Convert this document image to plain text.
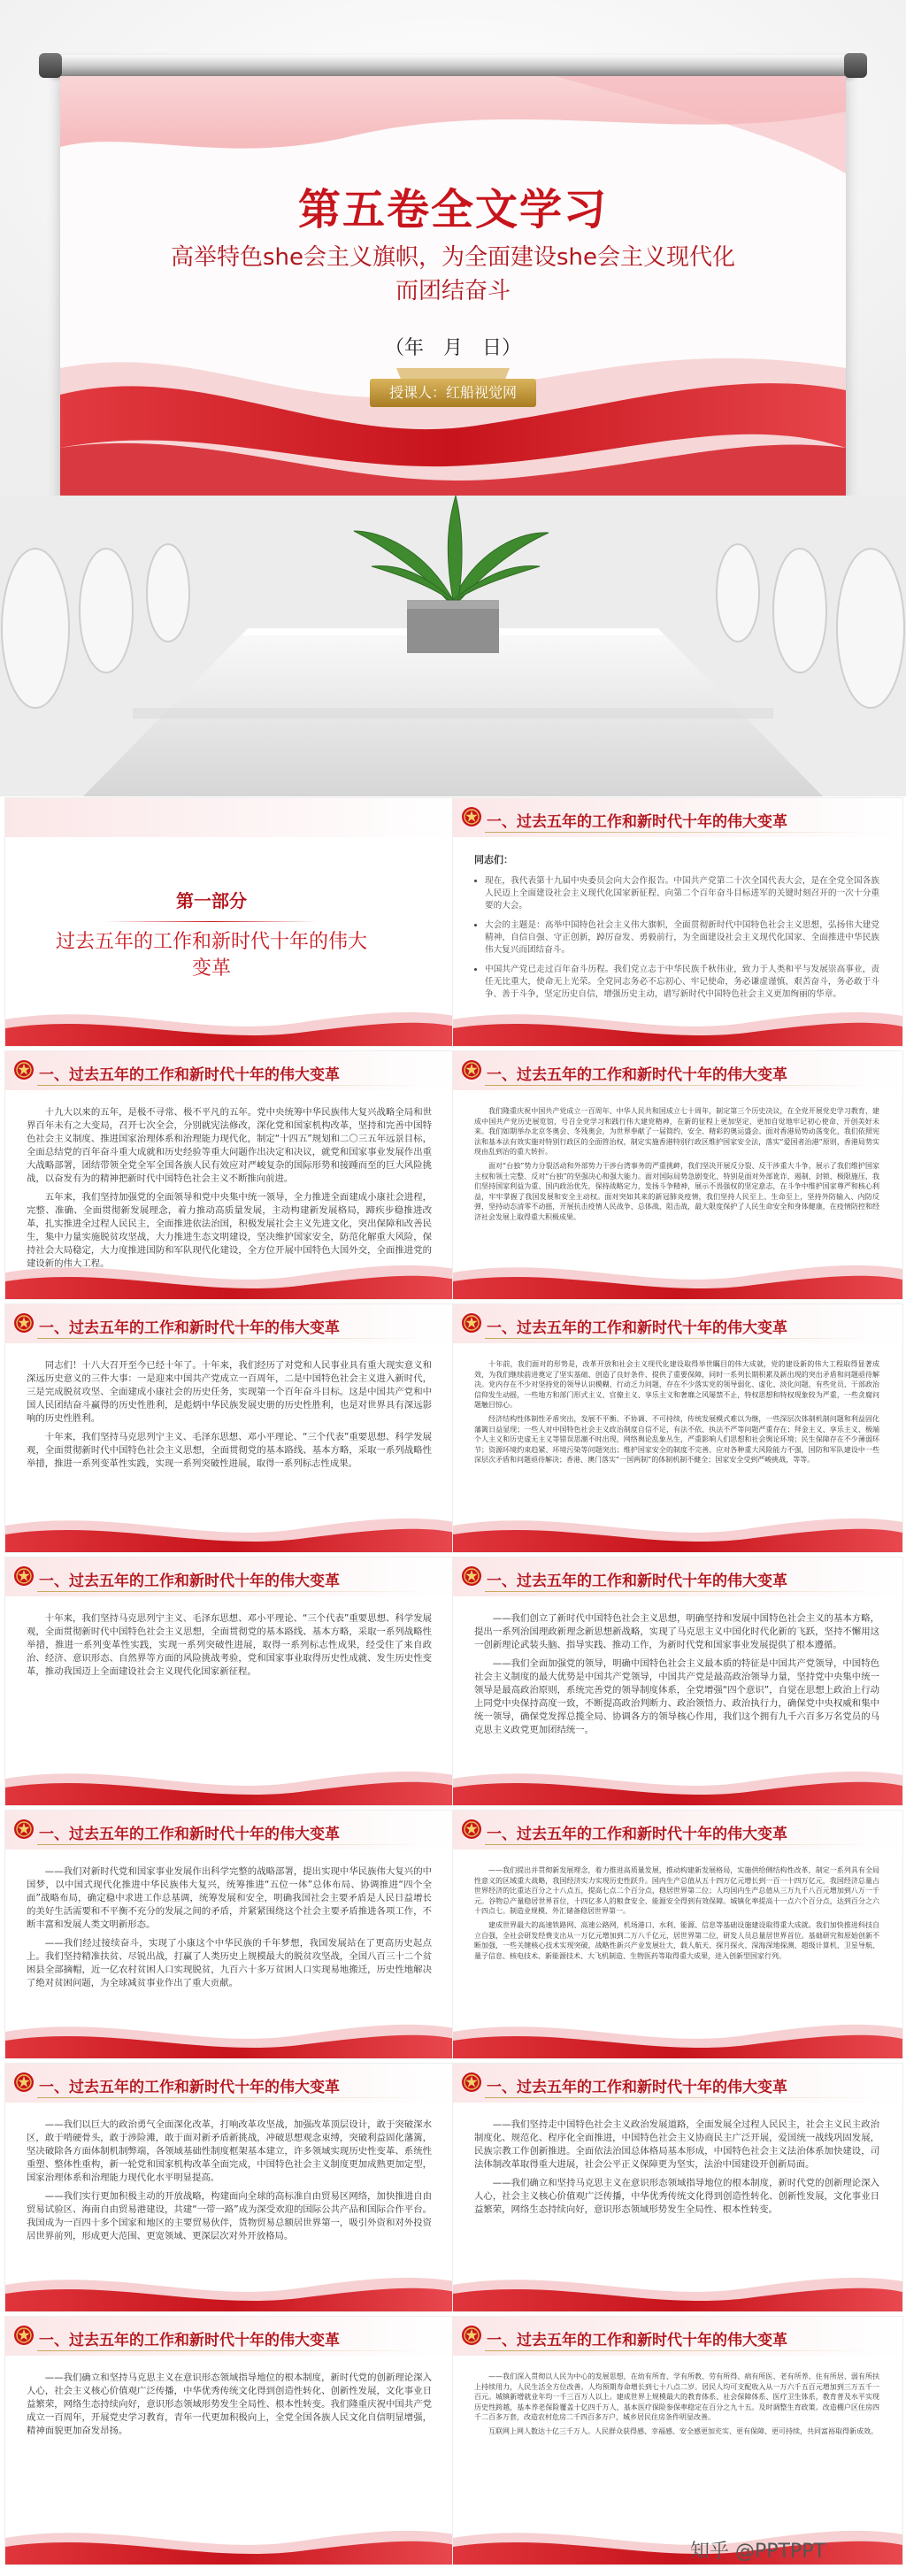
第五卷全文学习
高举特色she会主义旗帜，为全面建设she会主义现代化而团结奋斗
（年　月　日）
授课人：红船视觉网
第一部分
过去五年的工作和新时代十年的伟大变革
一、过去五年的工作和新时代十年的伟大变革
同志们：
• 现在，我代表第十九届中央委员会向大会作报告。中国共产党第二十次全国代表大会，是在全党全国各族人民迈上全面建设社会主义现代化国家新征程、向第二个百年奋斗目标进军的关键时刻召开的一次十分重要的大会。
• 大会的主题是：高举中国特色社会主义伟大旗帜，全面贯彻新时代中国特色社会主义思想，弘扬伟大建党精神，自信自强、守正创新，踔厉奋发、勇毅前行，为全面建设社会主义现代化国家、全面推进中华民族伟大复兴而团结奋斗。
• 中国共产党已走过百年奋斗历程。我们党立志于中华民族千秋伟业，致力于人类和平与发展崇高事业，责任无比重大，使命无上光荣。全党同志务必不忘初心、牢记使命，务必谦虚谨慎、艰苦奋斗，务必敢于斗争、善于斗争，坚定历史自信，增强历史主动，谱写新时代中国特色社会主义更加绚丽的华章。
一、过去五年的工作和新时代十年的伟大变革

十九大以来的五年，是极不寻常、极不平凡的五年。党中央统筹中华民族伟大复兴战略全局和世界百年未有之大变局，召开七次全会，分别就宪法修改，深化党和国家机构改革，坚持和完善中国特色社会主义制度、推进国家治理体系和治理能力现代化，制定“十四五”规划和二〇三五年远景目标，全面总结党的百年奋斗重大成就和历史经验等重大问题作出决定和决议，就党和国家事业发展作出重大战略部署，团结带领全党全军全国各族人民有效应对严峻复杂的国际形势和接踵而至的巨大风险挑战，以奋发有为的精神把新时代中国特色社会主义不断推向前进。

五年来，我们坚持加强党的全面领导和党中央集中统一领导，全力推进全面建成小康社会进程，完整、准确、全面贯彻新发展理念，着力推动高质量发展，主动构建新发展格局，蹄疾步稳推进改革，扎实推进全过程人民民主，全面推进依法治国，积极发展社会主义先进文化，突出保障和改善民生，集中力量实施脱贫攻坚战，大力推进生态文明建设，坚决维护国家安全，防范化解重大风险，保持社会大局稳定，大力度推进国防和军队现代化建设，全方位开展中国特色大国外交，全面推进党的建设新的伟大工程。

一、过去五年的工作和新时代十年的伟大变革

我们隆重庆祝中国共产党成立一百周年、中华人民共和国成立七十周年，制定第三个历史决议，在全党开展党史学习教育，建成中国共产党历史展览馆，号召全党学习和践行伟大建党精神，在新的征程上更加坚定、更加自觉地牢记初心使命、开创美好未来。我们如期举办北京冬奥会、冬残奥会，为世界奉献了一届简约、安全、精彩的奥运盛会。面对香港局势动荡变化，我们依照宪法和基本法有效实施对特别行政区的全面管治权，制定实施香港特别行政区维护国家安全法，落实“爱国者治港”原则，香港局势实现由乱到治的重大转折。

面对“台独”势力分裂活动和外部势力干涉台湾事务的严重挑衅，我们坚决开展反分裂、反干涉重大斗争，展示了我们维护国家主权和领土完整、反对“台独”的坚强决心和强大能力。面对国际局势急剧变化，特别是面对外部讹诈、遏制、封锁、极限施压，我们坚持国家利益为重、国内政治优先，保持战略定力，发扬斗争精神，展示不畏强权的坚定意志，在斗争中维护国家尊严和核心利益，牢牢掌握了我国发展和安全主动权。面对突如其来的新冠肺炎疫情，我们坚持人民至上、生命至上，坚持外防输入、内防反弹，坚持动态清零不动摇，开展抗击疫情人民战争、总体战、阻击战，最大限度保护了人民生命安全和身体健康，在疫情防控和经济社会发展上取得重大积极成果。

一、过去五年的工作和新时代十年的伟大变革

同志们！十八大召开至今已经十年了。十年来，我们经历了对党和人民事业具有重大现实意义和深远历史意义的三件大事：一是迎来中国共产党成立一百周年，二是中国特色社会主义进入新时代，三是完成脱贫攻坚、全面建成小康社会的历史任务，实现第一个百年奋斗目标。这是中国共产党和中国人民团结奋斗赢得的历史性胜利，是彪炳中华民族发展史册的历史性胜利，也是对世界具有深远影响的历史性胜利。

十年来，我们坚持马克思列宁主义、毛泽东思想、邓小平理论、“三个代表”重要思想、科学发展观，全面贯彻新时代中国特色社会主义思想，全面贯彻党的基本路线、基本方略，采取一系列战略性举措，推进一系列变革性实践，实现一系列突破性进展，取得一系列标志性成果。

一、过去五年的工作和新时代十年的伟大变革

十年前，我们面对的形势是，改革开放和社会主义现代化建设取得举世瞩目的伟大成就，党的建设新的伟大工程取得显著成效，为我们继续前进奠定了坚实基础、创造了良好条件、提供了重要保障，同时一系列长期积累及新出现的突出矛盾和问题亟待解决。党内存在不少对坚持党的领导认识模糊、行动乏力问题，存在不少落实党的领导弱化、虚化、淡化问题，有些党员、干部政治信仰发生动摇，一些地方和部门形式主义、官僚主义、享乐主义和奢靡之风屡禁不止，特权思想和特权现象较为严重，一些贪腐问题触目惊心。

经济结构性体制性矛盾突出，发展不平衡、不协调、不可持续，传统发展模式难以为继，一些深层次体制机制问题和利益固化藩篱日益显现；一些人对中国特色社会主义政治制度自信不足，有法不依、执法不严等问题严重存在；拜金主义、享乐主义、极端个人主义和历史虚无主义等错误思潮不时出现，网络舆论乱象丛生，严重影响人们思想和社会舆论环境；民生保障存在不少薄弱环节；资源环境约束趋紧、环境污染等问题突出；维护国家安全的制度不完善、应对各种重大风险能力不强，国防和军队建设中一些深层次矛盾和问题亟待解决；香港、澳门落实“一国两制”的体制机制不健全；国家安全受到严峻挑战，等等。

一、过去五年的工作和新时代十年的伟大变革

十年来，我们坚持马克思列宁主义、毛泽东思想、邓小平理论、“三个代表”重要思想、科学发展观，全面贯彻新时代中国特色社会主义思想，全面贯彻党的基本路线、基本方略，采取一系列战略性举措，推进一系列变革性实践，实现一系列突破性进展，取得一系列标志性成果，经受住了来自政治、经济、意识形态、自然界等方面的风险挑战考验，党和国家事业取得历史性成就、发生历史性变革，推动我国迈上全面建设社会主义现代化国家新征程。

一、过去五年的工作和新时代十年的伟大变革

——我们创立了新时代中国特色社会主义思想，明确坚持和发展中国特色社会主义的基本方略，提出一系列治国理政新理念新思想新战略，实现了马克思主义中国化时代化新的飞跃，坚持不懈用这一创新理论武装头脑、指导实践、推动工作，为新时代党和国家事业发展提供了根本遵循。

——我们全面加强党的领导，明确中国特色社会主义最本质的特征是中国共产党领导，中国特色社会主义制度的最大优势是中国共产党领导，中国共产党是最高政治领导力量，坚持党中央集中统一领导是最高政治原则，系统完善党的领导制度体系，全党增强“四个意识”，自觉在思想上政治上行动上同党中央保持高度一致，不断提高政治判断力、政治领悟力、政治执行力，确保党中央权威和集中统一领导，确保党发挥总揽全局、协调各方的领导核心作用，我们这个拥有九千六百多万名党员的马克思主义政党更加团结统一。

一、过去五年的工作和新时代十年的伟大变革

——我们对新时代党和国家事业发展作出科学完整的战略部署，提出实现中华民族伟大复兴的中国梦，以中国式现代化推进中华民族伟大复兴，统筹推进“五位一体”总体布局、协调推进“四个全面”战略布局，确定稳中求进工作总基调，统筹发展和安全，明确我国社会主要矛盾是人民日益增长的美好生活需要和不平衡不充分的发展之间的矛盾，并紧紧围绕这个社会主要矛盾推进各项工作，不断丰富和发展人类文明新形态。

——我们经过接续奋斗，实现了小康这个中华民族的千年梦想，我国发展站在了更高历史起点上。我们坚持精准扶贫、尽锐出战，打赢了人类历史上规模最大的脱贫攻坚战，全国八百三十二个贫困县全部摘帽，近一亿农村贫困人口实现脱贫，九百六十多万贫困人口实现易地搬迁，历史性地解决了绝对贫困问题，为全球减贫事业作出了重大贡献。

一、过去五年的工作和新时代十年的伟大变革

——我们提出并贯彻新发展理念，着力推进高质量发展，推动构建新发展格局，实施供给侧结构性改革，制定一系列具有全局性意义的区域重大战略，我国经济实力实现历史性跃升。国内生产总值从五十四万亿元增长到一百一十四万亿元，我国经济总量占世界经济的比重达百分之十八点五，提高七点二个百分点，稳居世界第二位；人均国内生产总值从三万九千八百元增加到八万一千元。谷物总产量稳居世界首位，十四亿多人的粮食安全、能源安全得到有效保障。城镇化率提高十一点六个百分点，达到百分之六十四点七。制造业规模、外汇储备稳居世界第一。

建成世界最大的高速铁路网、高速公路网，机场港口、水利、能源、信息等基础设施建设取得重大成就。我们加快推进科技自立自强，全社会研发经费支出从一万亿元增加到二万八千亿元，居世界第二位，研发人员总量居世界首位。基础研究和原始创新不断加强，一些关键核心技术实现突破，战略性新兴产业发展壮大，载人航天、探月探火、深海深地探测、超级计算机、卫星导航、量子信息、核电技术、新能源技术、大飞机制造、生物医药等取得重大成果，进入创新型国家行列。

一、过去五年的工作和新时代十年的伟大变革

——我们以巨大的政治勇气全面深化改革，打响改革攻坚战，加强改革顶层设计，敢于突破深水区，敢于啃硬骨头，敢于涉险滩，敢于面对新矛盾新挑战，冲破思想观念束缚，突破利益固化藩篱，坚决破除各方面体制机制弊端，各领域基础性制度框架基本建立，许多领域实现历史性变革、系统性重塑、整体性重构，新一轮党和国家机构改革全面完成，中国特色社会主义制度更加成熟更加定型，国家治理体系和治理能力现代化水平明显提高。

——我们实行更加积极主动的开放战略，构建面向全球的高标准自由贸易区网络，加快推进自由贸易试验区、海南自由贸易港建设，共建“一带一路”成为深受欢迎的国际公共产品和国际合作平台。我国成为一百四十多个国家和地区的主要贸易伙伴，货物贸易总额居世界第一，吸引外资和对外投资居世界前列，形成更大范围、更宽领域、更深层次对外开放格局。

一、过去五年的工作和新时代十年的伟大变革

——我们坚持走中国特色社会主义政治发展道路，全面发展全过程人民民主，社会主义民主政治制度化、规范化、程序化全面推进，中国特色社会主义协商民主广泛开展，爱国统一战线巩固发展，民族宗教工作创新推进。全面依法治国总体格局基本形成，中国特色社会主义法治体系加快建设，司法体制改革取得重大进展，社会公平正义保障更为坚实，法治中国建设开创新局面。

——我们确立和坚持马克思主义在意识形态领域指导地位的根本制度，新时代党的创新理论深入人心，社会主义核心价值观广泛传播，中华优秀传统文化得到创造性转化、创新性发展，文化事业日益繁荣，网络生态持续向好，意识形态领域形势发生全局性、根本性转变。

一、过去五年的工作和新时代十年的伟大变革

——我们确立和坚持马克思主义在意识形态领域指导地位的根本制度，新时代党的创新理论深入人心，社会主义核心价值观广泛传播，中华优秀传统文化得到创造性转化、创新性发展，文化事业日益繁荣，网络生态持续向好，意识形态领域形势发生全局性、根本性转变。我们隆重庆祝中国共产党成立一百周年，开展党史学习教育，青年一代更加积极向上，全党全国各族人民文化自信明显增强，精神面貌更加奋发昂扬。

一、过去五年的工作和新时代十年的伟大变革

——我们深入贯彻以人民为中心的发展思想，在幼有所育、学有所教、劳有所得、病有所医、老有所养、住有所居、弱有所扶上持续用力，人民生活全方位改善。人均预期寿命增长到七十八点二岁。居民人均可支配收入从一万六千五百元增加到三万五千一百元。城镇新增就业年均一千三百万人以上。建成世界上规模最大的教育体系、社会保障体系、医疗卫生体系，教育普及水平实现历史性跨越，基本养老保险覆盖十亿四千万人，基本医疗保险参保率稳定在百分之九十五。及时调整生育政策。改造棚户区住房四千二百多万套，改造农村危房二千四百多万户，城乡居民住房条件明显改善。

互联网上网人数达十亿三千万人。人民群众获得感、幸福感、安全感更加充实、更有保障、更可持续，共同富裕取得新成效。

知乎 @PPTPPT
